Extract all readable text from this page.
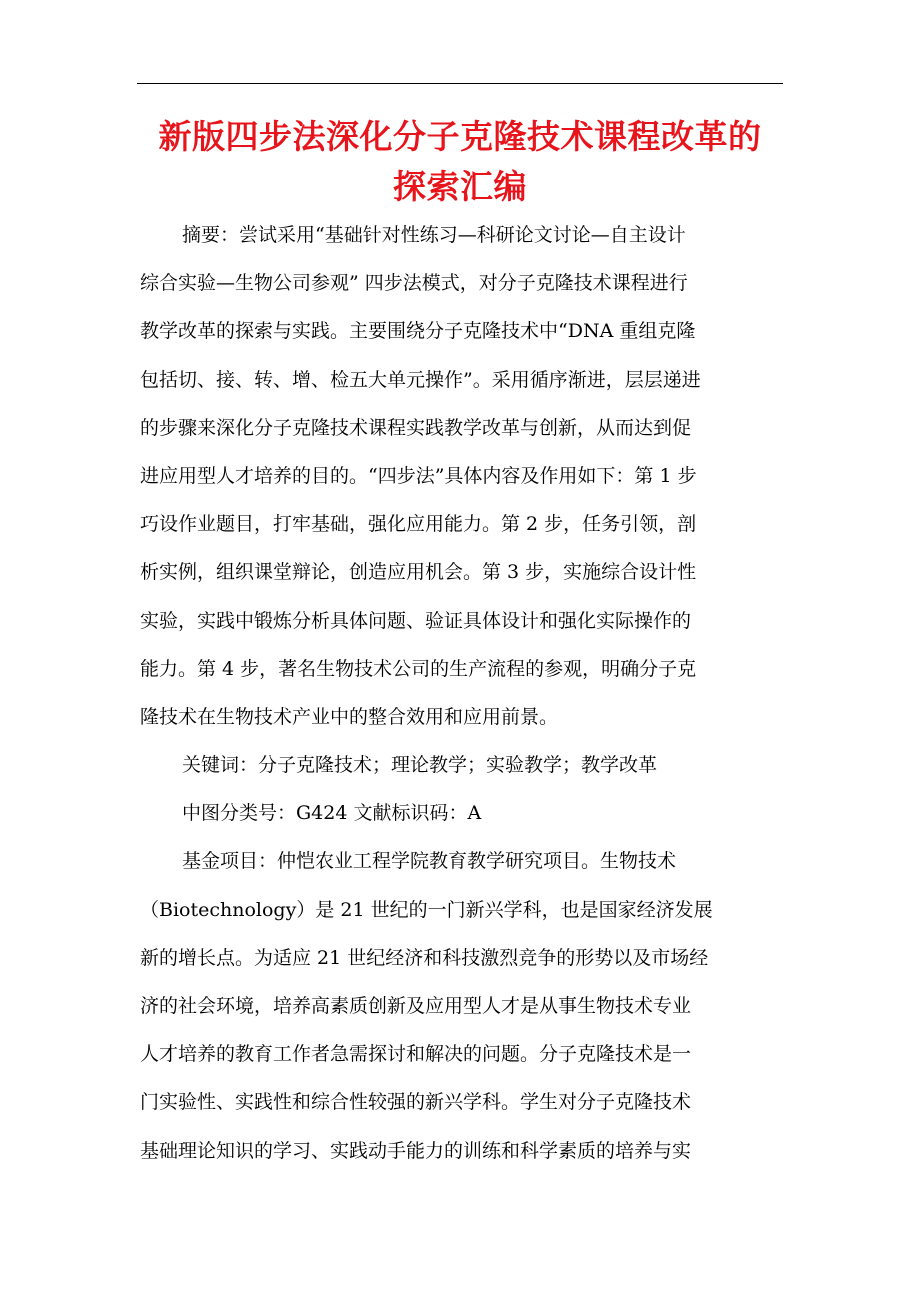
新版四步法深化分子克隆技术课程改革的
探索汇编
摘要：尝试采用“基础针对性练习—科研论文讨论—自主设计
综合实验—生物公司参观” 四步法模式，对分子克隆技术课程进行
教学改革的探索与实践。主要围绕分子克隆技术中“DNA 重组克隆
包括切、接、转、增、检五大单元操作”。采用循序渐进，层层递进
的步骤来深化分子克隆技术课程实践教学改革与创新，从而达到促
进应用型人才培养的目的。“四步法”具体内容及作用如下：第 1 步
巧设作业题目，打牢基础，强化应用能力。第 2 步，任务引领，剖
析实例，组织课堂辩论，创造应用机会。第 3 步，实施综合设计性
实验，实践中锻炼分析具体问题、验证具体设计和强化实际操作的
能力。第 4 步，著名生物技术公司的生产流程的参观，明确分子克
隆技术在生物技术产业中的整合效用和应用前景。
关键词：分子克隆技术；理论教学；实验教学；教学改革
中图分类号：G424 文献标识码：A
基金项目：仲恺农业工程学院教育教学研究项目。生物技术
（Biotechnology）是 21 世纪的一门新兴学科，也是国家经济发展
新的增长点。为适应 21 世纪经济和科技激烈竞争的形势以及市场经
济的社会环境，培养高素质创新及应用型人才是从事生物技术专业
人才培养的教育工作者急需探讨和解决的问题。分子克隆技术是一
门实验性、实践性和综合性较强的新兴学科。学生对分子克隆技术
基础理论知识的学习、实践动手能力的训练和科学素质的培养与实
